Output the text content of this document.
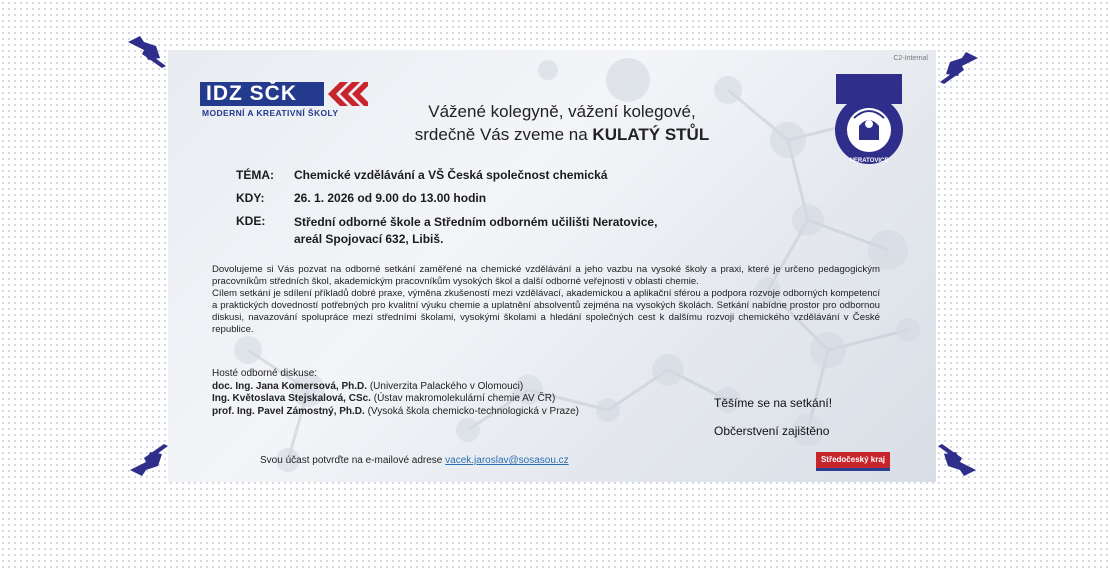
C2-Internal
IDZ SČK
MODERNÍ A KREATIVNÍ ŠKOLY	Vážené kolegyně, vážení kolegové,
srdečně Vás zveme na KULATÝ STŮL
NERATOVICE
TÉMA:	Chemické vzdělávání a VŠ Česká společnost chemická
KDY:	26. 1. 2026 od 9.00 do 13.00 hodin
KDE:	Střední odborné škole a Středním odborném učilišti Neratovice,
areál Spojovací 632, Libiš.

Dovolujeme si Vás pozvat na odborné setkání zaměřené na chemické vzdělávání a jeho vazbu na vysoké školy a praxi, které je určeno pedagogickým pracovníkům středních škol, akademickým pracovníkům vysokých škol a další odborné veřejnosti v oblasti chemie.

Cílem setkání je sdílení příkladů dobré praxe, výměna zkušeností mezi vzdělávací, akademickou a aplikační sférou a podpora rozvoje odborných kompetencí a praktických dovedností potřebných pro kvalitní výuku chemie a uplatnění absolventů zejména na vysokých školách. Setkání nabídne prostor pro odbornou diskusi, navazování spolupráce mezi středními školami, vysokými školami a hledání společných cest k dalšímu rozvoji chemického vzdělávání v České republice.

Hosté odborné diskuse:
doc. Ing. Jana Komersová, Ph.D. (Univerzita Palackého v Olomouci)
Ing. Květoslava Stejskalová, CSc. (Ústav makromolekulární chemie AV ČR)
prof. Ing. Pavel Zámostný, Ph.D. (Vysoká škola chemicko-technologická v Praze)
Těšíme se na setkání!
Občerstvení zajištěno
Svou účast potvrďte na e-mailové adrese vacek.jaroslav@sosasou.cz	Středočeský kraj
